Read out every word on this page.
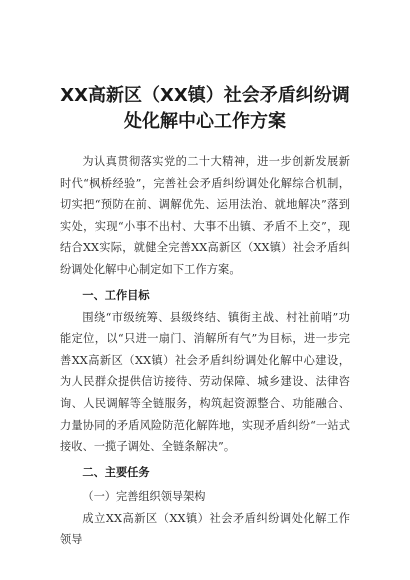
XX高新区（XX镇）社会矛盾纠纷调
处化解中心工作方案

为认真贯彻落实党的二十大精神，进一步创新发展新时代“枫桥经验”，完善社会矛盾纠纷调处化解综合机制，切实把“预防在前、调解优先、运用法治、就地解决”落到实处，实现“小事不出村、大事不出镇、矛盾不上交”，现结合XX实际，就健全完善XX高新区（XX镇）社会矛盾纠纷调处化解中心制定如下工作方案。

一、工作目标

围绕“市级统筹、县级终结、镇街主战、村社前哨”功能定位，以“只进一扇门、消解所有气”为目标，进一步完善XX高新区（XX镇）社会矛盾纠纷调处化解中心建设，为人民群众提供信访接待、劳动保障、城乡建设、法律咨询、人民调解等全链服务，构筑起资源整合、功能融合、力量协同的矛盾风险防范化解阵地，实现矛盾纠纷“一站式接收、一揽子调处、全链条解决”。

二、主要任务

（一）完善组织领导架构

成立XX高新区（XX镇）社会矛盾纠纷调处化解工作领导
